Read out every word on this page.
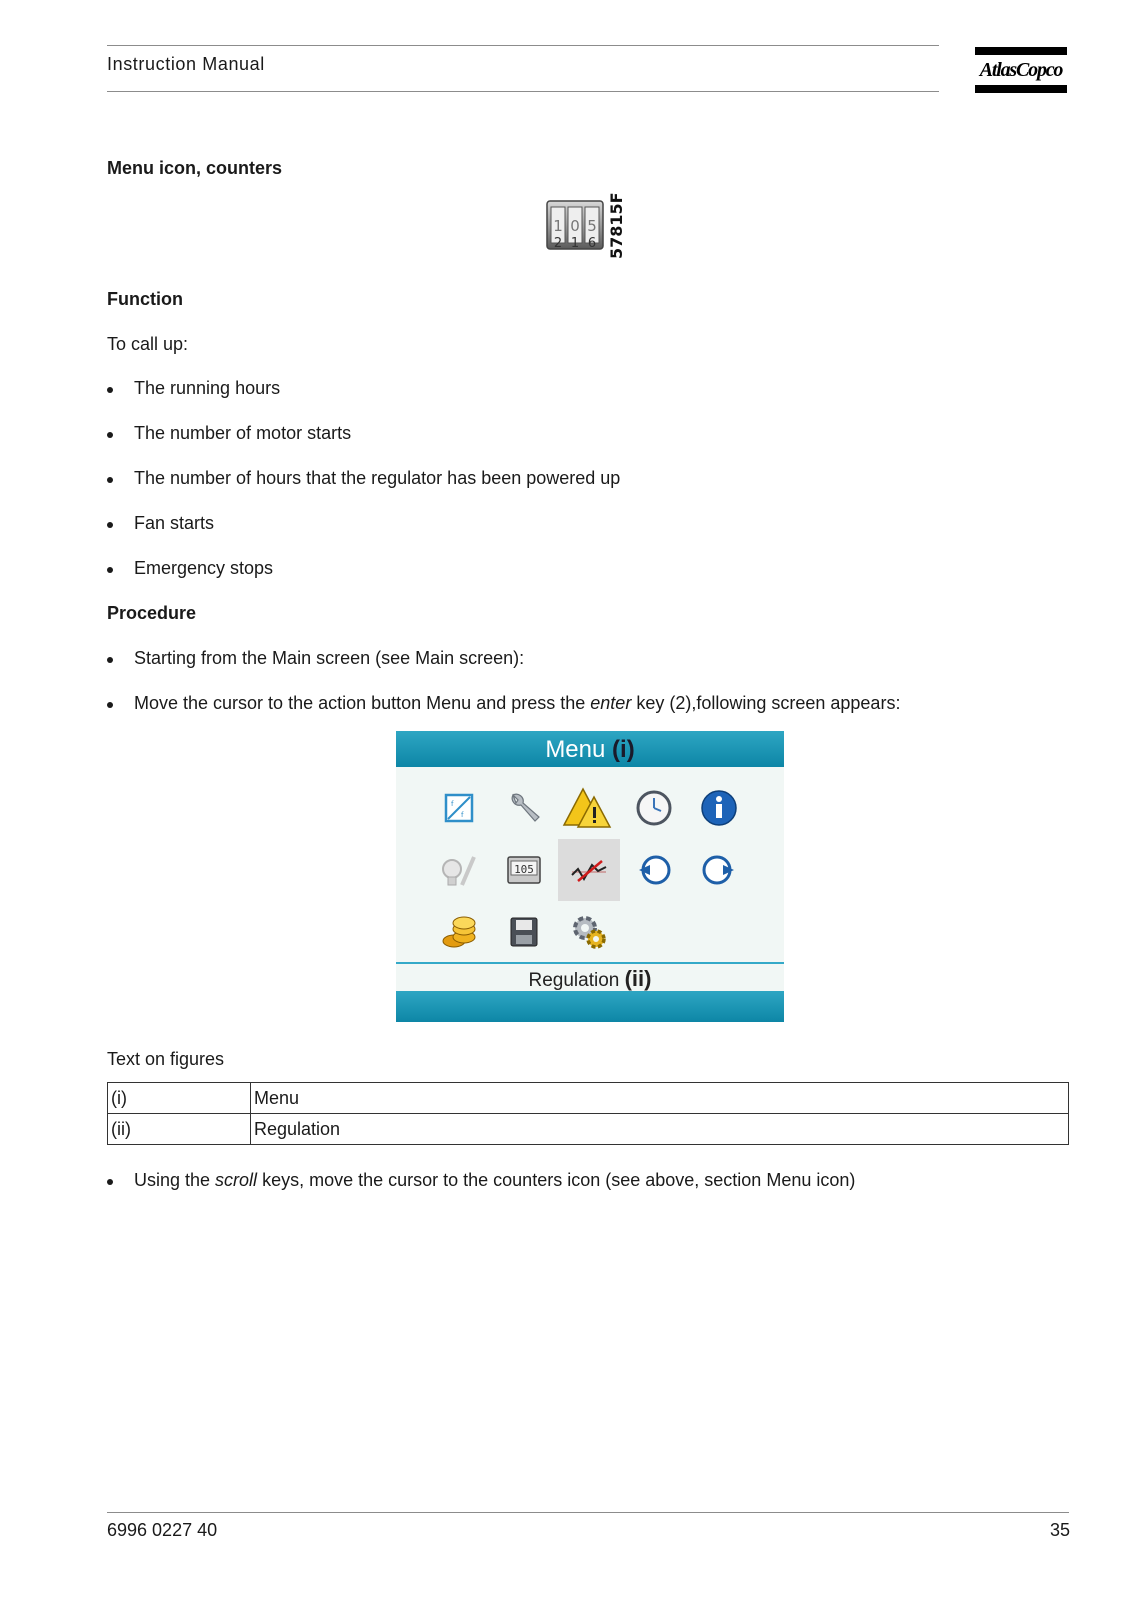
Instruction Manual	AtlasCopco
Menu icon, counters
1 0 5
2 1 6 57815F
Function

To call up:

The running hours
The number of motor starts
The number of hours that the regulator has been powered up
Fan starts
Emergency stops
Procedure
Starting from the Main screen (see Main screen):
Move the cursor to the action button Menu and press the enter key (2),following screen appears:
Menu (i)
f
f
105
Regulation (ii)

Text on figures

(i)	Menu
(ii)	Regulation
Using the scroll keys, move the cursor to the counters icon (see above, section Menu icon)
6996 0227 40	35
